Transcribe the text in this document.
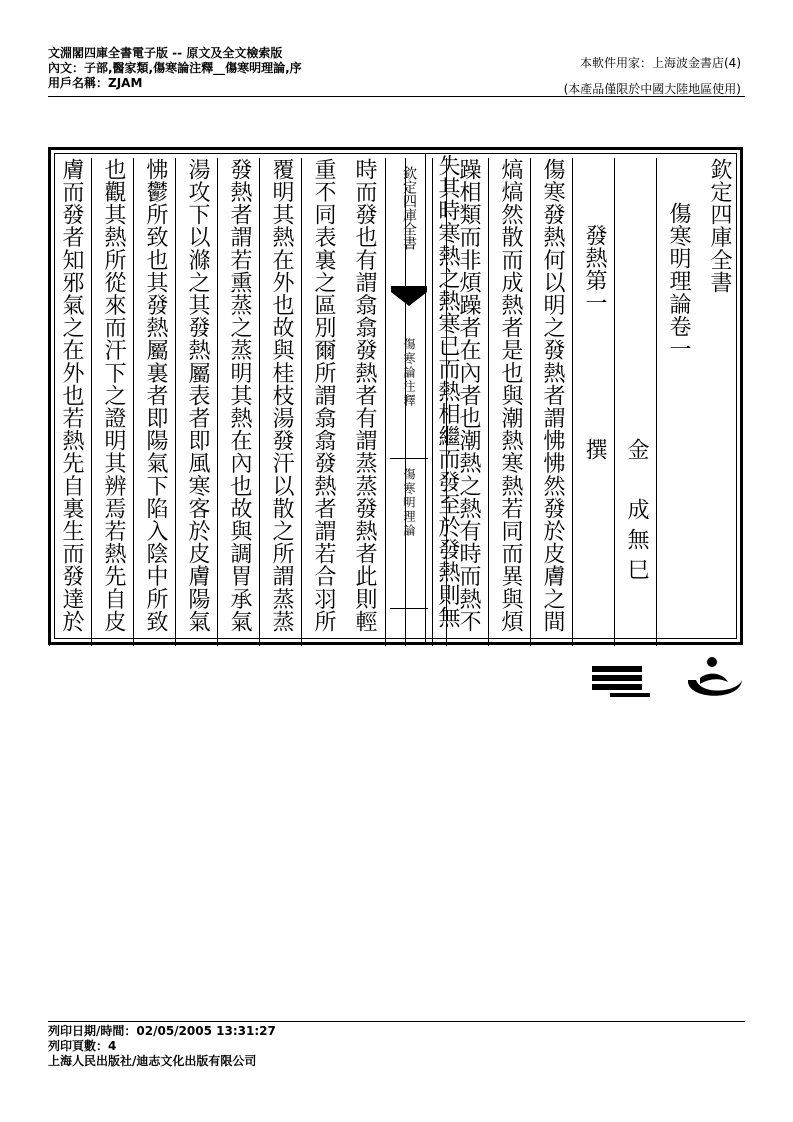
文淵閣四庫全書電子版 -- 原文及全文檢索版
內文：子部,醫家類,傷寒論注釋__傷寒明理論,序
用戶名稱：ZJAM
本軟件用家：上海波金書店(4)
(本產品僅限於中國大陸地區使用)
欽定四庫全書
傷寒明理論卷一
金　成無巳　撰
發熱第一
傷寒發熱何以明之發熱者謂怫怫然發於皮膚之間
熇熇然散而成熱者是也與潮熱寒熱若同而異與煩
躁相類而非煩躁者在內者也潮熱之熱有時而熱不
欽定四庫全書
傷寒論注釋
傷寒明理論
時而發也有謂翕翕發熱者有謂蒸蒸發熱者此則輕
重不同表裏之區別爾所謂翕翕發熱者謂若合羽所
覆明其熱在外也故與桂枝湯發汗以散之所謂蒸蒸
發熱者謂若熏蒸之蒸明其熱在內也故與調胃承氣
湯攻下以滌之其發熱屬表者即風寒客於皮膚陽氣
怫鬱所致也其發熱屬裏者即陽氣下陷入陰中所致
也觀其熱所從來而汗下之證明其辨焉若熱先自皮
膚而發者知邪氣之在外也若熱先自裏生而發達於	失其時寒熱之熱寒已而熱相繼而發至於發熱則無
列印日期/時間：02/05/2005 13:31:27
列印頁數：4
上海人民出版社/迪志文化出版有限公司
